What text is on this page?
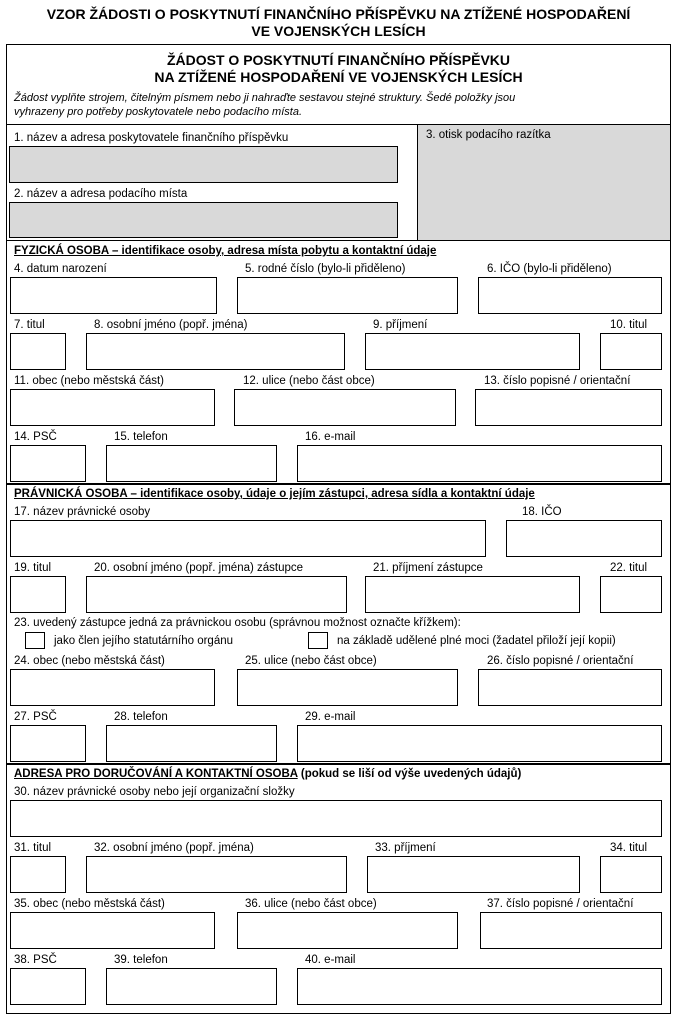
VZOR ŽÁDOSTI O POSKYTNUTÍ FINANČNÍHO PŘÍSPĚVKU NA ZTÍŽENÉ HOSPODAŘENÍ
VE VOJENSKÝCH LESÍCH
ŽÁDOST O POSKYTNUTÍ FINANČNÍHO PŘÍSPĚVKU
NA ZTÍŽENÉ HOSPODAŘENÍ VE VOJENSKÝCH LESÍCH
Žádost vyplňte strojem, čitelným písmem nebo ji nahraďte sestavou stejné struktury. Šedé položky jsou
vyhrazeny pro potřeby poskytovatele nebo podacího místa.
1. název a adresa poskytovatele finančního příspěvku
2. název a adresa podacího místa
3. otisk podacího razítka
FYZICKÁ OSOBA – identifikace osoby, adresa místa pobytu a kontaktní údaje
4. datum narození	5. rodné číslo (bylo-li přiděleno)	6. IČO (bylo-li přiděleno)
7. titul	8. osobní jméno (popř. jména)	9. příjmení	10. titul
11. obec (nebo městská část)	12. ulice (nebo část obce)	13. číslo popisné / orientační
14. PSČ	15. telefon	16. e-mail
PRÁVNICKÁ OSOBA – identifikace osoby, údaje o jejím zástupci, adresa sídla a kontaktní údaje
17. název právnické osoby	18. IČO
19. titul	20. osobní jméno (popř. jména) zástupce	21. příjmení zástupce	22. titul
23. uvedený zástupce jedná za právnickou osobu (správnou možnost označte křížkem):
jako člen jejího statutárního orgánu	na základě udělené plné moci (žadatel přiloží její kopii)
24. obec (nebo městská část)	25. ulice (nebo část obce)	26. číslo popisné / orientační
27. PSČ	28. telefon	29. e-mail
ADRESA PRO DORUČOVÁNÍ A KONTAKTNÍ OSOBA (pokud se liší od výše uvedených údajů)
30. název právnické osoby nebo její organizační složky
31. titul	32. osobní jméno (popř. jména)	33. příjmení	34. titul
35. obec (nebo městská část)	36. ulice (nebo část obce)	37. číslo popisné / orientační
38. PSČ	39. telefon	40. e-mail
